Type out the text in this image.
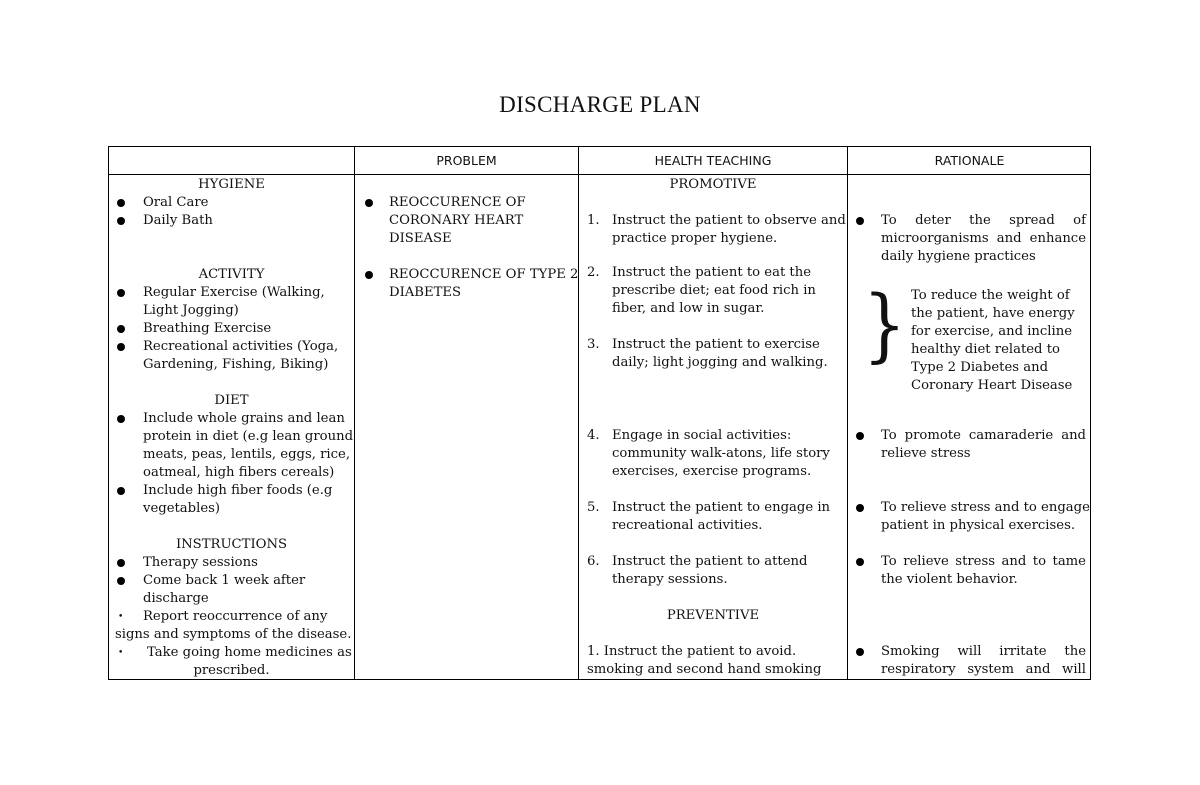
DISCHARGE PLAN
PROBLEM	HEALTH TEACHING	RATIONALE
HYGIENE
Oral Care
Daily Bath
ACTIVITY
Regular Exercise (Walking,
Light Jogging)
Breathing Exercise
Recreational activities (Yoga,
Gardening, Fishing, Biking)
DIET
Include whole grains and lean
protein in diet (e.g lean ground
meats, peas, lentils, eggs, rice,
oatmeal, high fibers cereals)
Include high fiber foods (e.g
vegetables)
INSTRUCTIONS
Therapy sessions
Come back 1 week after
discharge
• Report reoccurrence of any
signs and symptoms of the disease.
• Take going home medicines as
prescribed.
REOCCURENCE OF
CORONARY HEART
DISEASE
REOCCURENCE OF TYPE 2
DIABETES
PROMOTIVE
1. Instruct the patient to observe and
practice proper hygiene.
2. Instruct the patient to eat the
prescribe diet; eat food rich in
fiber, and low in sugar.
3. Instruct the patient to exercise
daily; light jogging and walking.
4. Engage in social activities:
community walk-atons, life story
exercises, exercise programs.
5. Instruct the patient to engage in
recreational activities.
6. Instruct the patient to attend
therapy sessions.
PREVENTIVE
1. Instruct the patient to avoid.
smoking and second hand smoking
To deter the spread of
microorganisms and enhance
daily hygiene practices
} To reduce the weight of
the patient, have energy
for exercise, and incline
healthy diet related to
Type 2 Diabetes and
Coronary Heart Disease
To promote camaraderie and
relieve stress
To relieve stress and to engage
patient in physical exercises.
To relieve stress and to tame
the violent behavior.
Smoking will irritate the
respiratory system and will
